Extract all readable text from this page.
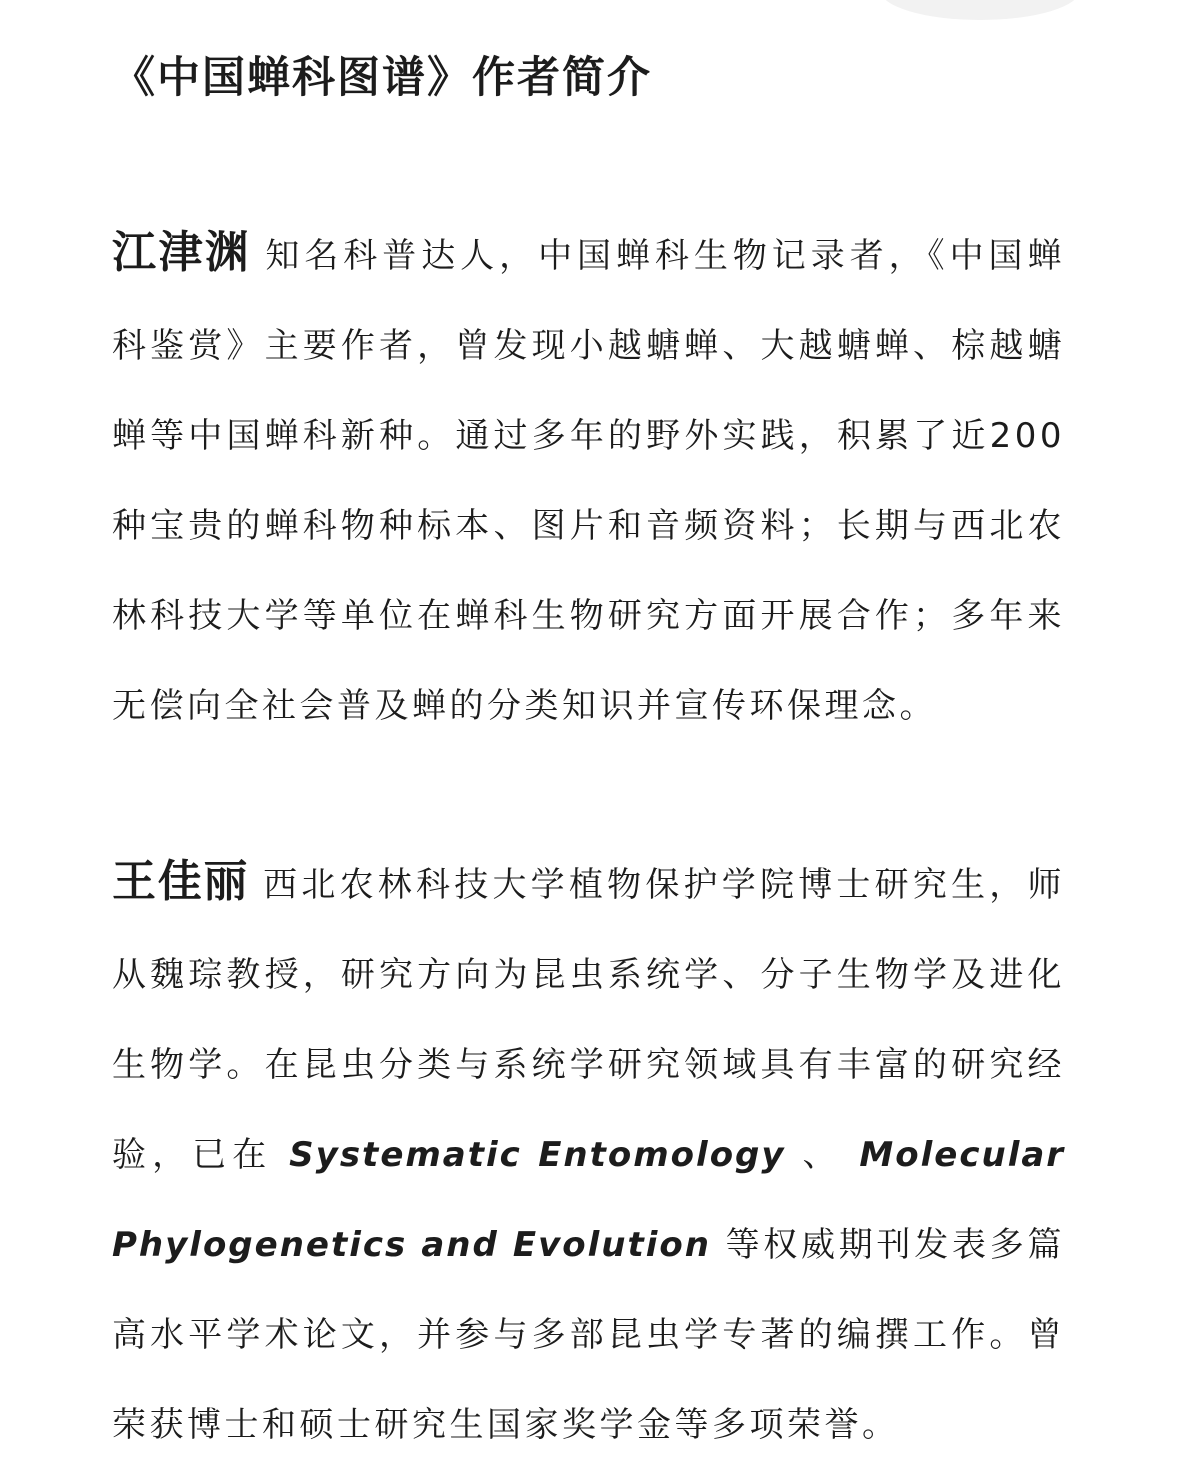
《中国蝉科图谱》作者简介

江津渊 知名科普达人，中国蝉科生物记录者，《中国蝉科鉴赏》主要作者，曾发现小越螗蝉、大越螗蝉、棕越螗蝉等中国蝉科新种。通过多年的野外实践，积累了近200种宝贵的蝉科物种标本、图片和音频资料；长期与西北农林科技大学等单位在蝉科生物研究方面开展合作；多年来无偿向全社会普及蝉的分类知识并宣传环保理念。

王佳丽 西北农林科技大学植物保护学院博士研究生，师从魏琮教授，研究方向为昆虫系统学、分子生物学及进化生物学。在昆虫分类与系统学研究领域具有丰富的研究经验，已在 Systematic Entomology 、 Molecular Phylogenetics and Evolution 等权威期刊发表多篇高水平学术论文，并参与多部昆虫学专著的编撰工作。曾荣获博士和硕士研究生国家奖学金等多项荣誉。
